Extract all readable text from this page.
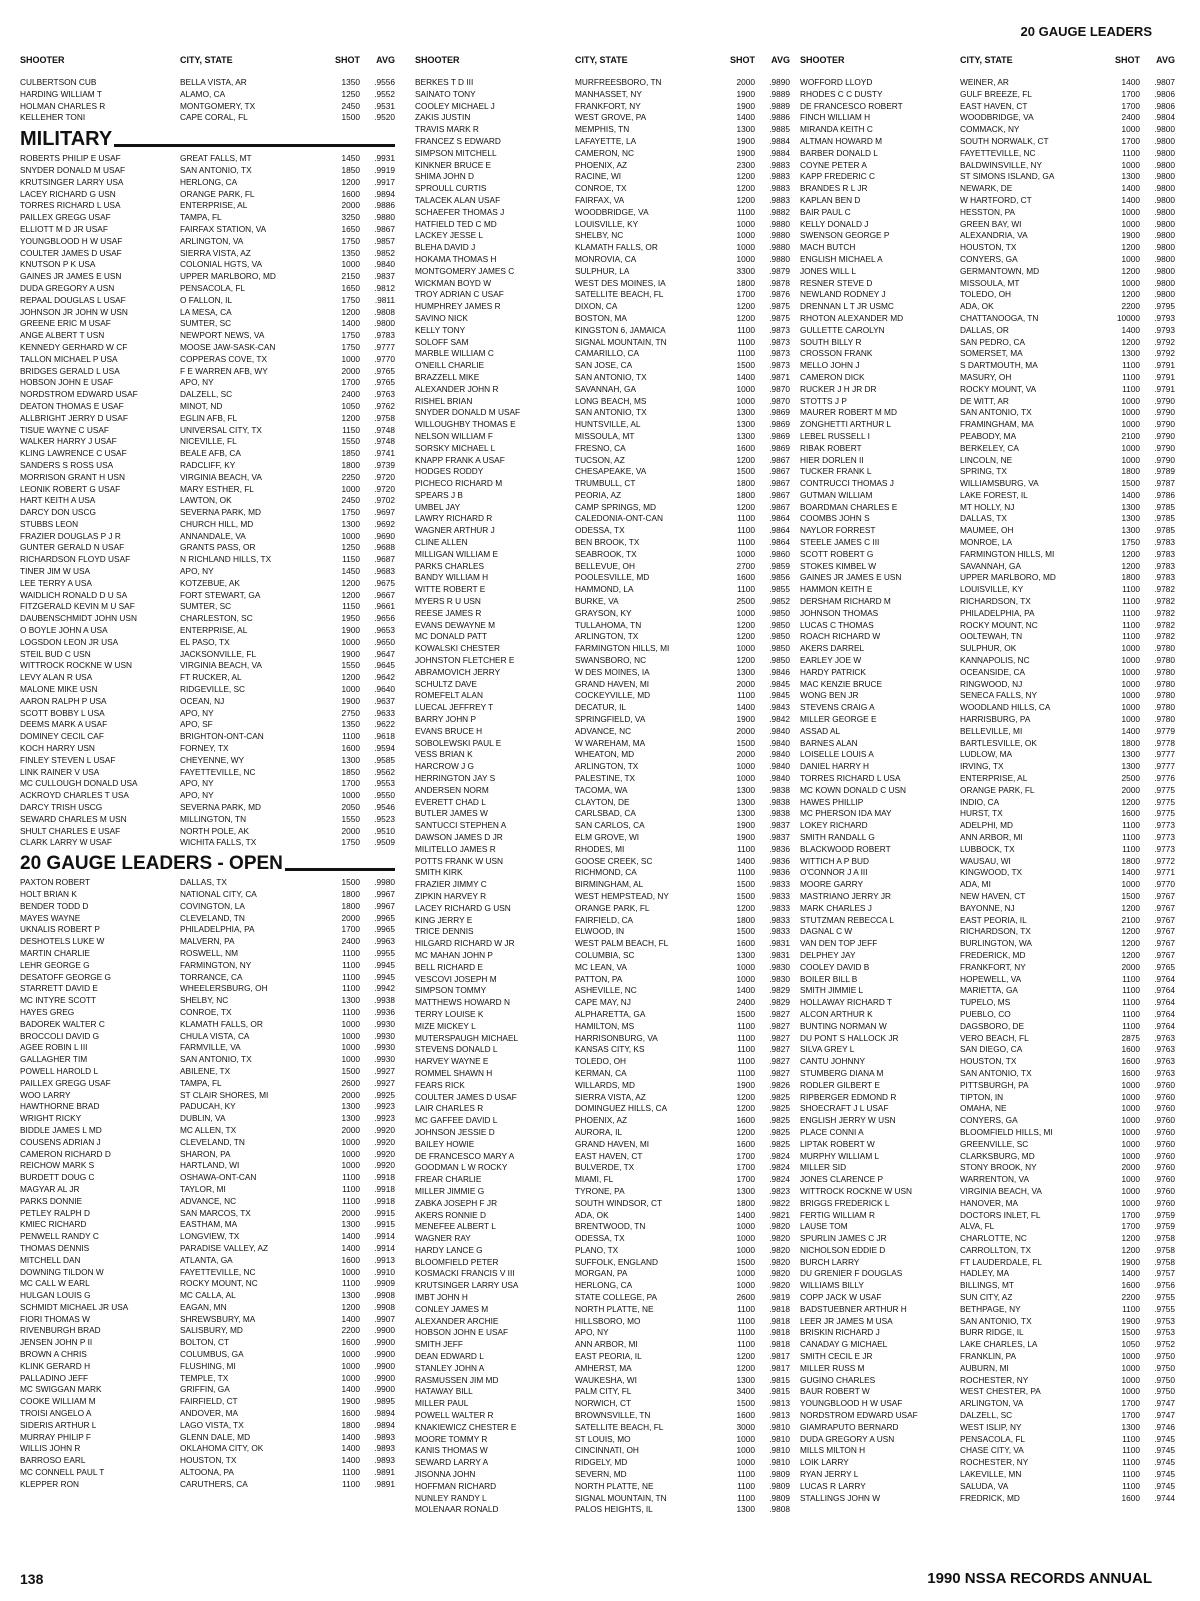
20 GAUGE LEADERS
SHOOTER	CITY, STATE	SHOT	AVG
CULBERTSON CUB	BELLA VISTA, AR	1350	.9556
HARDING WILLIAM T	ALAMO, CA	1250	.9552
HOLMAN CHARLES R	MONTGOMERY, TX	2450	.9531
KELLEHER TONI	CAPE CORAL, FL	1500	.9520
MILITARY
ROBERTS PHILIP E USAF	GREAT FALLS, MT	1450	.9931
SNYDER DONALD M USAF	SAN ANTONIO, TX	1850	.9919
KRUTSINGER LARRY USA	HERLONG, CA	1200	.9917
LACEY RICHARD G USN	ORANGE PARK, FL	1600	.9894
TORRES RICHARD L USA	ENTERPRISE, AL	2000	.9886
PAILLEX GREGG USAF	TAMPA, FL	3250	.9880
ELLIOTT M D JR USAF	FAIRFAX STATION, VA	1650	.9867
YOUNGBLOOD H W USAF	ARLINGTON, VA	1750	.9857
COULTER JAMES D USAF	SIERRA VISTA, AZ	1350	.9852
KNUTSON P K USA	COLONIAL HGTS, VA	1000	.9840
GAINES JR JAMES E USN	UPPER MARLBORO, MD	2150	.9837
DUDA GREGORY A USN	PENSACOLA, FL	1650	.9812
REPAAL DOUGLAS L USAF	O FALLON, IL	1750	.9811
JOHNSON JR JOHN W USN	LA MESA, CA	1200	.9808
GREENE ERIC M USAF	SUMTER, SC	1400	.9800
ANGE ALBERT T USN	NEWPORT NEWS, VA	1750	.9783
KENNEDY GERHARD W CF	MOOSE JAW-SASK-CAN	1750	.9777
TALLON MICHAEL P USA	COPPERAS COVE, TX	1000	.9770
BRIDGES GERALD L USA	F E WARREN AFB, WY	2000	.9765
HOBSON JOHN E USAF	APO, NY	1700	.9765
NORDSTROM EDWARD USAF	DALZELL, SC	2400	.9763
DEATON THOMAS E USAF	MINOT, ND	1050	.9762
ALLBRIGHT JERRY D USAF	EGLIN AFB, FL	1200	.9758
TISUE WAYNE C USAF	UNIVERSAL CITY, TX	1150	.9748
WALKER HARRY J USAF	NICEVILLE, FL	1550	.9748
KLING LAWRENCE C USAF	BEALE AFB, CA	1850	.9741
SANDERS S ROSS USA	RADCLIFF, KY	1800	.9739
MORRISON GRANT H USN	VIRGINIA BEACH, VA	2250	.9720
LEONIK ROBERT G USAF	MARY ESTHER, FL	1000	.9720
HART KEITH A USA	LAWTON, OK	2450	.9702
DARCY DON USCG	SEVERNA PARK, MD	1750	.9697
STUBBS LEON	CHURCH HILL, MD	1300	.9692
FRAZIER DOUGLAS P J R	ANNANDALE, VA	1000	.9690
GUNTER GERALD N USAF	GRANTS PASS, OR	1250	.9688
RICHARDSON FLOYD USAF	N RICHLAND HILLS, TX	1150	.9687
TINER JIM W USA	APO, NY	1450	.9683
LEE TERRY A USA	KOTZEBUE, AK	1200	.9675
WAIDLICH RONALD D U SA	FORT STEWART, GA	1200	.9667
FITZGERALD KEVIN M U SAF	SUMTER, SC	1150	.9661
DAUBENSCHMIDT JOHN USN	CHARLESTON, SC	1950	.9656
O BOYLE JOHN A USA	ENTERPRISE, AL	1900	.9653
LOGSDON LEON JR USA	EL PASO, TX	1000	.9650
STEIL BUD C USN	JACKSONVILLE, FL	1900	.9647
WITTROCK ROCKNE W USN	VIRGINIA BEACH, VA	1550	.9645
LEVY ALAN R USA	FT RUCKER, AL	1200	.9642
MALONE MIKE USN	RIDGEVILLE, SC	1000	.9640
AARON RALPH P USA	OCEAN, NJ	1900	.9637
SCOTT BOBBY L USA	APO, NY	2750	.9633
DEEMS MARK A USAF	APO, SF	1350	.9622
DOMINEY CECIL CAF	BRIGHTON-ONT-CAN	1100	.9618
KOCH HARRY USN	FORNEY, TX	1600	.9594
FINLEY STEVEN L USAF	CHEYENNE, WY	1300	.9585
LINK RAINER V USA	FAYETTEVILLE, NC	1850	.9562
MC CULLOUGH DONALD USA	APO, NY	1700	.9553
ACKROYD CHARLES T USA	APO, NY	1000	.9550
DARCY TRISH USCG	SEVERNA PARK, MD	2050	.9546
SEWARD CHARLES M USN	MILLINGTON, TN	1550	.9523
SHULT CHARLES E USAF	NORTH POLE, AK	2000	.9510
CLARK LARRY W USAF	WICHITA FALLS, TX	1750	.9509
20 GAUGE LEADERS - OPEN
PAXTON ROBERT	DALLAS, TX	1500	.9980
HOLT BRIAN K	NATIONAL CITY, CA	1800	.9967
BENDER TODD D	COVINGTON, LA	1800	.9967
MAYES WAYNE	CLEVELAND, TN	2000	.9965
UKNALIS ROBERT P	PHILADELPHIA, PA	1700	.9965
DESHOTELS LUKE W	MALVERN, PA	2400	.9963
MARTIN CHARLIE	ROSWELL, NM	1100	.9955
LEHR GEORGE G	FARMINGTON, NY	1100	.9945
DESATOFF GEORGE G	TORRANCE, CA	1100	.9945
STARRETT DAVID E	WHEELERSBURG, OH	1100	.9942
MC INTYRE SCOTT	SHELBY, NC	1300	.9938
HAYES GREG	CONROE, TX	1100	.9936
BADOREK WALTER C	KLAMATH FALLS, OR	1000	.9930
BROCCOLI DAVID G	CHULA VISTA, CA	1000	.9930
AGEE ROBIN L III	FARMVILLE, VA	1000	.9930
GALLAGHER TIM	SAN ANTONIO, TX	1000	.9930
POWELL HAROLD L	ABILENE, TX	1500	.9927
PAILLEX GREGG USAF	TAMPA, FL	2600	.9927
WOO LARRY	ST CLAIR SHORES, MI	2000	.9925
HAWTHORNE BRAD	PADUCAH, KY	1300	.9923
WRIGHT RICKY	DUBLIN, VA	1300	.9923
BIDDLE JAMES L MD	MC ALLEN, TX	2000	.9920
COUSENS ADRIAN J	CLEVELAND, TN	1000	.9920
CAMERON RICHARD D	SHARON, PA	1000	.9920
REICHOW MARK S	HARTLAND, WI	1000	.9920
BURDETT DOUG C	OSHAWA-ONT-CAN	1100	.9918
MAGYAR AL JR	TAYLOR, MI	1100	.9918
PARKS DONNIE	ADVANCE, NC	1100	.9918
PETLEY RALPH D	SAN MARCOS, TX	2000	.9915
KMIEC RICHARD	EASTHAM, MA	1300	.9915
PENWELL RANDY C	LONGVIEW, TX	1400	.9914
THOMAS DENNIS	PARADISE VALLEY, AZ	1400	.9914
MITCHELL DAN	ATLANTA, GA	1600	.9913
DOWNING TILDON W	FAYETTEVILLE, NC	1000	.9910
MC CALL W EARL	ROCKY MOUNT, NC	1100	.9909
HULGAN LOUIS G	MC CALLA, AL	1300	.9908
SCHMIDT MICHAEL JR USA	EAGAN, MN	1200	.9908
FIORI THOMAS W	SHREWSBURY, MA	1400	.9907
RIVENBURGH BRAD	SALISBURY, MD	2200	.9900
JENSEN JOHN P II	BOLTON, CT	1600	.9900
BROWN A CHRIS	COLUMBUS, GA	1000	.9900
KLINK GERARD H	FLUSHING, MI	1000	.9900
PALLADINO JEFF	TEMPLE, TX	1000	.9900
MC SWIGGAN MARK	GRIFFIN, GA	1400	.9900
COOKE WILLIAM M	FAIRFIELD, CT	1900	.9895
TROISI ANGELO A	ANDOVER, MA	1600	.9894
SIDERIS ARTHUR L	LAGO VISTA, TX	1800	.9894
MURRAY PHILIP F	GLENN DALE, MD	1400	.9893
WILLIS JOHN R	OKLAHOMA CITY, OK	1400	.9893
BARROSO EARL	HOUSTON, TX	1400	.9893
MC CONNELL PAUL T	ALTOONA, PA	1100	.9891
KLEPPER RON	CARUTHERS, CA	1100	.9891
SHOOTER	CITY, STATE	SHOT	AVG
BERKES T D III	MURFREESBORO, TN	2000	.9890
SAINATO TONY	MANHASSET, NY	1900	.9889
COOLEY MICHAEL J	FRANKFORT, NY	1900	.9889
ZAKIS JUSTIN	WEST GROVE, PA	1400	.9886
TRAVIS MARK R	MEMPHIS, TN	1300	.9885
FRANCEZ S EDWARD	LAFAYETTE, LA	1900	.9884
SIMPSON MITCHELL	CAMERON, NC	1900	.9884
KINKNER BRUCE E	PHOENIX, AZ	2300	.9883
SHIMA JOHN D	RACINE, WI	1200	.9883
SPROULL CURTIS	CONROE, TX	1200	.9883
TALACEK ALAN USAF	FAIRFAX, VA	1200	.9883
SCHAEFER THOMAS J	WOODBRIDGE, VA	1100	.9882
HATFIELD TED C MD	LOUISVILLE, KY	1000	.9880
LACKEY JESSE L	SHELBY, NC	1000	.9880
BLEHA DAVID J	KLAMATH FALLS, OR	1000	.9880
HOKAMA THOMAS H	MONROVIA, CA	1000	.9880
MONTGOMERY JAMES C	SULPHUR, LA	3300	.9879
WICKMAN BOYD W	WEST DES MOINES, IA	1800	.9878
TROY ADRIAN C USAF	SATELLITE BEACH, FL	1700	.9876
HUMPHREY JAMES R	DIXON, CA	1200	.9875
SAVINO NICK	BOSTON, MA	1200	.9875
KELLY TONY	KINGSTON 6, JAMAICA	1100	.9873
SOLOFF SAM	SIGNAL MOUNTAIN, TN	1100	.9873
MARBLE WILLIAM C	CAMARILLO, CA	1100	.9873
O'NEILL CHARLIE	SAN JOSE, CA	1500	.9873
BRAZZELL MIKE	SAN ANTONIO, TX	1400	.9871
ALEXANDER JOHN R	SAVANNAH, GA	1000	.9870
RISHEL BRIAN	LONG BEACH, MS	1000	.9870
SNYDER DONALD M USAF	SAN ANTONIO, TX	1300	.9869
WILLOUGHBY THOMAS E	HUNTSVILLE, AL	1300	.9869
NELSON WILLIAM F	MISSOULA, MT	1300	.9869
SORSKY MICHAEL L	FRESNO, CA	1600	.9869
KNAPP FRANK A USAF	TUCSON, AZ	1200	.9867
HODGES RODDY	CHESAPEAKE, VA	1500	.9867
PICHECO RICHARD M	TRUMBULL, CT	1800	.9867
SPEARS J B	PEORIA, AZ	1800	.9867
UMBEL JAY	CAMP SPRINGS, MD	1200	.9867
LAWRY RICHARD R	CALEDONIA-ONT-CAN	1100	.9864
WAGNER ARTHUR J	ODESSA, TX	1100	.9864
CLINE ALLEN	BEN BROOK, TX	1100	.9864
MILLIGAN WILLIAM E	SEABROOK, TX	1000	.9860
PARKS CHARLES	BELLEVUE, OH	2700	.9859
BANDY WILLIAM H	POOLESVILLE, MD	1600	.9856
WITTE ROBERT E	HAMMOND, LA	1100	.9855
MYERS R U USN	BURKE, VA	2500	.9852
REESE JAMES R	GRAYSON, KY	1000	.9850
EVANS DEWAYNE M	TULLAHOMA, TN	1200	.9850
MC DONALD PATT	ARLINGTON, TX	1200	.9850
KOWALSKI CHESTER	FARMINGTON HILLS, MI	1000	.9850
JOHNSTON FLETCHER E	SWANSBORO, NC	1200	.9850
ABRAMOVICH JERRY	W DES MOINES, IA	1300	.9846
SCHULTZ DAVE	GRAND HAVEN, MI	2000	.9845
ROMEFELT ALAN	COCKEYVILLE, MD	1100	.9845
LUECAL JEFFREY T	DECATUR, IL	1400	.9843
BARRY JOHN P	SPRINGFIELD, VA	1900	.9842
EVANS BRUCE H	ADVANCE, NC	2000	.9840
SOBOLEWSKI PAUL E	W WAREHAM, MA	1500	.9840
VESS BRIAN K	WHEATON, MD	2000	.9840
HARCROW J G	ARLINGTON, TX	1000	.9840
HERRINGTON JAY S	PALESTINE, TX	1000	.9840
ANDERSEN NORM	TACOMA, WA	1300	.9838
EVERETT CHAD L	CLAYTON, DE	1300	.9838
BUTLER JAMES W	CARLSBAD, CA	1300	.9838
SANTUCCI STEPHEN A	SAN CARLOS, CA	1900	.9837
DAWSON JAMES D JR	ELM GROVE, WI	1900	.9837
MILITELLO JAMES R	RHODES, MI	1100	.9836
POTTS FRANK W USN	GOOSE CREEK, SC	1400	.9836
SMITH KIRK	RICHMOND, CA	1100	.9836
FRAZIER JIMMY C	BIRMINGHAM, AL	1500	.9833
ZIPKIN HARVEY R	WEST HEMPSTEAD, NY	1500	.9833
LACEY RICHARD G USN	ORANGE PARK, FL	1200	.9833
KING JERRY E	FAIRFIELD, CA	1800	.9833
TRICE DENNIS	ELWOOD, IN	1500	.9833
HILGARD RICHARD W JR	WEST PALM BEACH, FL	1600	.9831
MC MAHAN JOHN P	COLUMBIA, SC	1300	.9831
BELL RICHARD E	MC LEAN, VA	1000	.9830
VESCOVI JOSEPH M	PATTON, PA	1000	.9830
SIMPSON TOMMY	ASHEVILLE, NC	1400	.9829
MATTHEWS HOWARD N	CAPE MAY, NJ	2400	.9829
TERRY LOUISE K	ALPHARETTA, GA	1500	.9827
MIZE MICKEY L	HAMILTON, MS	1100	.9827
MUTERSPAUGH MICHAEL	HARRISONBURG, VA	1100	.9827
STEVENS DONALD L	KANSAS CITY, KS	1100	.9827
HARVEY WAYNE E	TOLEDO, OH	1100	.9827
ROMMEL SHAWN H	KERMAN, CA	1100	.9827
FEARS RICK	WILLARDS, MD	1900	.9826
COULTER JAMES D USAF	SIERRA VISTA, AZ	1200	.9825
LAIR CHARLES R	DOMINGUEZ HILLS, CA	1200	.9825
MC GAFFEE DAVID L	PHOENIX, AZ	1600	.9825
JOHNSON JESSIE D	AURORA, IL	1200	.9825
BAILEY HOWIE	GRAND HAVEN, MI	1600	.9825
DE FRANCESCO MARY A	EAST HAVEN, CT	1700	.9824
GOODMAN L W ROCKY	BULVERDE, TX	1700	.9824
FREAR CHARLIE	MIAMI, FL	1700	.9824
MILLER JIMMIE G	TYRONE, PA	1300	.9823
ZABKA JOSEPH F JR	SOUTH WINDSOR, CT	1800	.9822
AKERS RONNIE D	ADA, OK	1400	.9821
MENEFEE ALBERT L	BRENTWOOD, TN	1000	.9820
WAGNER RAY	ODESSA, TX	1000	.9820
HARDY LANCE G	PLANO, TX	1000	.9820
BLOOMFIELD PETER	SUFFOLK, ENGLAND	1500	.9820
KOSMACKI FRANCIS V III	MORGAN, PA	1000	.9820
KRUTSINGER LARRY USA	HERLONG, CA	1000	.9820
IMBT JOHN H	STATE COLLEGE, PA	2600	.9819
CONLEY JAMES M	NORTH PLATTE, NE	1100	.9818
ALEXANDER ARCHIE	HILLSBORO, MO	1100	.9818
HOBSON JOHN E USAF	APO, NY	1100	.9818
SMITH JEFF	ANN ARBOR, MI	1100	.9818
DEAN EDWARD L	EAST PEORIA, IL	1200	.9817
STANLEY JOHN A	AMHERST, MA	1200	.9817
RASMUSSEN JIM MD	WAUKESHA, WI	1300	.9815
HATAWAY BILL	PALM CITY, FL	3400	.9815
MILLER PAUL	NORWICH, CT	1500	.9813
POWELL WALTER R	BROWNSVILLE, TN	1600	.9813
KNAKIEWICZ CHESTER E	SATELLITE BEACH, FL	3000	.9810
MOORE TOMMY R	ST LOUIS, MO	1000	.9810
KANIS THOMAS W	CINCINNATI, OH	1000	.9810
SEWARD LARRY A	RIDGELY, MD	1000	.9810
JISONNA JOHN	SEVERN, MD	1100	.9809
HOFFMAN RICHARD	NORTH PLATTE, NE	1100	.9809
NUNLEY RANDY L	SIGNAL MOUNTAIN, TN	1100	.9809
MOLENAAR RONALD	PALOS HEIGHTS, IL	1300	.9808
SHOOTER	CITY, STATE	SHOT	AVG
WOFFORD LLOYD	WEINER, AR	1400	.9807
RHODES C C DUSTY	GULF BREEZE, FL	1700	.9806
DE FRANCESCO ROBERT	EAST HAVEN, CT	1700	.9806
FINCH WILLIAM H	WOODBRIDGE, VA	2400	.9804
MIRANDA KEITH C	COMMACK, NY	1000	.9800
ALTMAN HOWARD M	SOUTH NORWALK, CT	1700	.9800
BARBER DONALD L	FAYETTEVILLE, NC	1100	.9800
COYNE PETER A	BALDWINSVILLE, NY	1000	.9800
KAPP FREDERIC C	ST SIMONS ISLAND, GA	1300	.9800
BRANDES R L JR	NEWARK, DE	1400	.9800
KAPLAN BEN D	W HARTFORD, CT	1400	.9800
BAIR PAUL C	HESSTON, PA	1000	.9800
KELLY DONALD J	GREEN BAY, WI	1000	.9800
SWENSON GEORGE P	ALEXANDRIA, VA	1900	.9800
MACH BUTCH	HOUSTON, TX	1200	.9800
ENGLISH MICHAEL A	CONYERS, GA	1000	.9800
JONES WILL L	GERMANTOWN, MD	1200	.9800
RESNER STEVE D	MISSOULA, MT	1000	.9800
NEWLAND RODNEY J	TOLEDO, OH	1200	.9800
DRENNAN L T JR USMC	ADA, OK	2200	.9795
RHOTON ALEXANDER MD	CHATTANOOGA, TN	10000	.9793
GULLETTE CAROLYN	DALLAS, OR	1400	.9793
SOUTH BILLY R	SAN PEDRO, CA	1200	.9792
CROSSON FRANK	SOMERSET, MA	1300	.9792
MELLO JOHN J	S DARTMOUTH, MA	1100	.9791
CAMERON DICK	MASURY, OH	1100	.9791
RUCKER J H JR DR	ROCKY MOUNT, VA	1100	.9791
STOTTS J P	DE WITT, AR	1000	.9790
MAURER ROBERT M MD	SAN ANTONIO, TX	1000	.9790
ZONGHETTI ARTHUR L	FRAMINGHAM, MA	1000	.9790
LEBEL RUSSELL I	PEABODY, MA	2100	.9790
RIBAK ROBERT	BERKELEY, CA	1000	.9790
HIER DORLEN II	LINCOLN, NE	1000	.9790
TUCKER FRANK L	SPRING, TX	1800	.9789
CONTRUCCI THOMAS J	WILLIAMSBURG, VA	1500	.9787
GUTMAN WILLIAM	LAKE FOREST, IL	1400	.9786
BOARDMAN CHARLES E	MT HOLLY, NJ	1300	.9785
COOMBS JOHN S	DALLAS, TX	1300	.9785
NAYLOR FORREST	MAUMEE, OH	1300	.9785
STEELE JAMES C III	MONROE, LA	1750	.9783
SCOTT ROBERT G	FARMINGTON HILLS, MI	1200	.9783
STOKES KIMBEL W	SAVANNAH, GA	1200	.9783
GAINES JR JAMES E USN	UPPER MARLBORO, MD	1800	.9783
HAMMON KEITH E	LOUISVILLE, KY	1100	.9782
DERSHAM RICHARD M	RICHARDSON, TX	1100	.9782
JOHNSON THOMAS	PHILADELPHIA, PA	1100	.9782
LUCAS C THOMAS	ROCKY MOUNT, NC	1100	.9782
ROACH RICHARD W	OOLTEWAH, TN	1100	.9782
AKERS DARREL	SULPHUR, OK	1000	.9780
EARLEY JOE W	KANNAPOLIS, NC	1000	.9780
HARDY PATRICK	OCEANSIDE, CA	1000	.9780
MAC KENZIE BRUCE	RINGWOOD, NJ	1000	.9780
WONG BEN JR	SENECA FALLS, NY	1000	.9780
STEVENS CRAIG A	WOODLAND HILLS, CA	1000	.9780
MILLER GEORGE E	HARRISBURG, PA	1000	.9780
ASSAD AL	BELLEVILLE, MI	1400	.9779
BARNES ALAN	BARTLESVILLE, OK	1800	.9778
LOISELLE LOUIS A	LUDLOW, MA	1300	.9777
DANIEL HARRY H	IRVING, TX	1300	.9777
TORRES RICHARD L USA	ENTERPRISE, AL	2500	.9776
MC KOWN DONALD C USN	ORANGE PARK, FL	2000	.9775
HAWES PHILLIP	INDIO, CA	1200	.9775
MC PHERSON IDA MAY	HURST, TX	1600	.9775
LOKEY RICHARD	ADELPHI, MD	1100	.9773
SMITH RANDALL G	ANN ARBOR, MI	1100	.9773
BLACKWOOD ROBERT	LUBBOCK, TX	1100	.9773
WITTICH A P BUD	WAUSAU, WI	1800	.9772
O'CONNOR J A III	KINGWOOD, TX	1400	.9771
MOORE GARRY	ADA, MI	1000	.9770
MASTRIANO JERRY JR	NEW HAVEN, CT	1500	.9767
MARK CHARLES J	BAYONNE, NJ	1200	.9767
STUTZMAN REBECCA L	EAST PEORIA, IL	2100	.9767
DAGNAL C W	RICHARDSON, TX	1200	.9767
VAN DEN TOP JEFF	BURLINGTON, WA	1200	.9767
DELPHEY JAY	FREDERICK, MD	1200	.9767
COOLEY DAVID B	FRANKFORT, NY	2000	.9765
BOILER BILL B	HOPEWELL, VA	1100	.9764
SMITH JIMMIE L	MARIETTA, GA	1100	.9764
HOLLAWAY RICHARD T	TUPELO, MS	1100	.9764
ALCON ARTHUR K	PUEBLO, CO	1100	.9764
BUNTING NORMAN W	DAGSBORO, DE	1100	.9764
DU PONT S HALLOCK JR	VERO BEACH, FL	2875	.9763
SILVA GREY L	SAN DIEGO, CA	1600	.9763
CANTU JOHNNY	HOUSTON, TX	1600	.9763
STUMBERG DIANA M	SAN ANTONIO, TX	1600	.9763
RODLER GILBERT E	PITTSBURGH, PA	1000	.9760
RIPBERGER EDMOND R	TIPTON, IN	1000	.9760
SHOECRAFT J L USAF	OMAHA, NE	1000	.9760
ENGLISH JERRY W USN	CONYERS, GA	1000	.9760
PLACE CONNI A	BLOOMFIELD HILLS, MI	1000	.9760
LIPTAK ROBERT W	GREENVILLE, SC	1000	.9760
MURPHY WILLIAM L	CLARKSBURG, MD	1000	.9760
MILLER SID	STONY BROOK, NY	2000	.9760
JONES CLARENCE P	WARRENTON, VA	1000	.9760
WITTROCK ROCKNE W USN	VIRGINIA BEACH, VA	1000	.9760
BRIGGS FREDERICK L	HANOVER, MA	1000	.9760
FERTIG WILLIAM R	DOCTORS INLET, FL	1700	.9759
LAUSE TOM	ALVA, FL	1700	.9759
SPURLIN JAMES C JR	CHARLOTTE, NC	1200	.9758
NICHOLSON EDDIE D	CARROLLTON, TX	1200	.9758
BURCH LARRY	FT LAUDERDALE, FL	1900	.9758
DU GRENIER F DOUGLAS	HADLEY, MA	1400	.9757
WILLIAMS BILLY	BILLINGS, MT	1600	.9756
COPP JACK W USAF	SUN CITY, AZ	2200	.9755
BADSTUEBNER ARTHUR H	BETHPAGE, NY	1100	.9755
LEER JR JAMES M USA	SAN ANTONIO, TX	1900	.9753
BRISKIN RICHARD J	BURR RIDGE, IL	1500	.9753
CANADAY G MICHAEL	LAKE CHARLES, LA	1050	.9752
SMITH CECIL E JR	FRANKLIN, PA	1000	.9750
MILLER RUSS M	AUBURN, MI	1000	.9750
GUGINO CHARLES	ROCHESTER, NY	1000	.9750
BAUR ROBERT W	WEST CHESTER, PA	1000	.9750
YOUNGBLOOD H W USAF	ARLINGTON, VA	1700	.9747
NORDSTROM EDWARD USAF	DALZELL, SC	1700	.9747
GIAMRAPUTO BERNARD	WEST ISLIP, NY	1300	.9746
DUDA GREGORY A USN	PENSACOLA, FL	1100	.9745
MILLS MILTON H	CHASE CITY, VA	1100	.9745
LOIK LARRY	ROCHESTER, NY	1100	.9745
RYAN JERRY L	LAKEVILLE, MN	1100	.9745
LUCAS R LARRY	SALUDA, VA	1100	.9745
STALLINGS JOHN W	FREDRICK, MD	1600	.9744
138	1990 NSSA RECORDS ANNUAL
